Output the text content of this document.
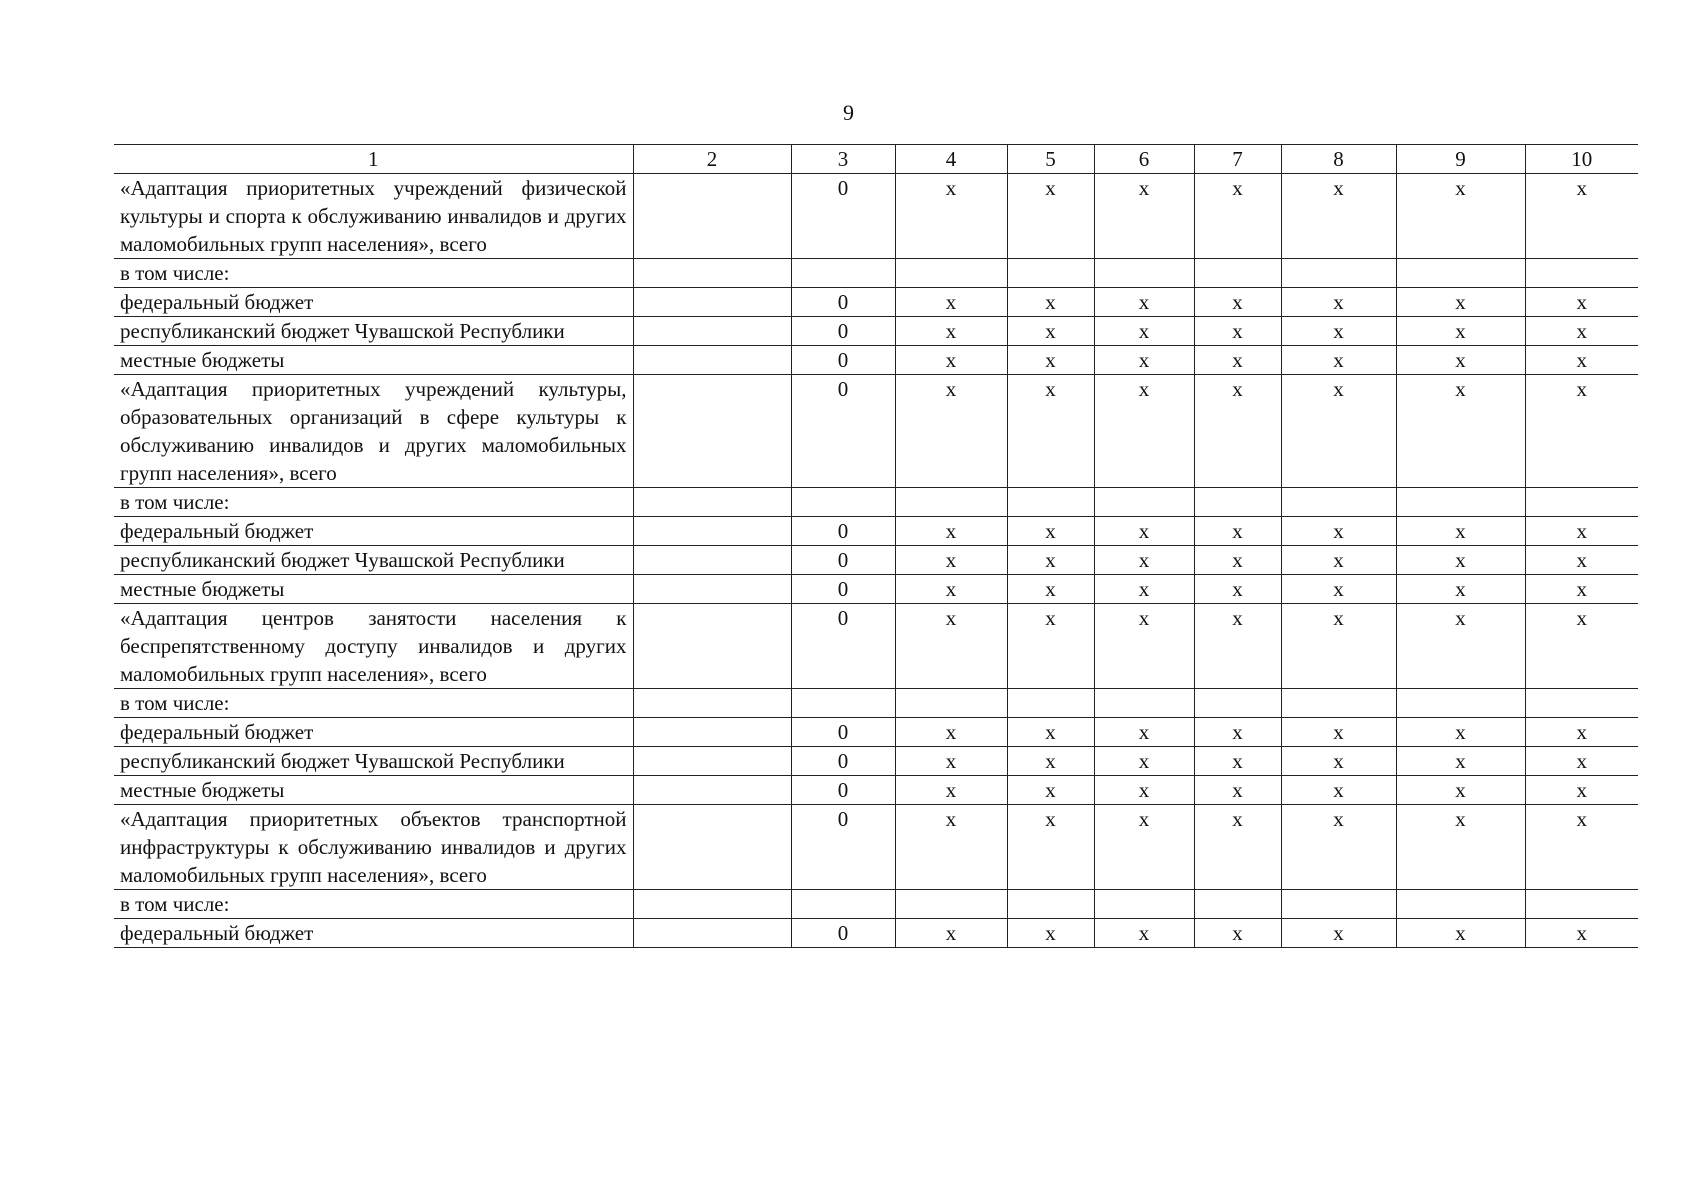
9
1	2	3	4	5	6	7	8	9	10
«Адаптация приоритетных учреждений физической культуры и спорта к обслуживанию инвалидов и других маломобильных групп населения», всего		0	х	х	х	х	х	х	х
в том числе:									
федеральный бюджет		0	х	х	х	х	х	х	х
республиканский бюджет Чувашской Республики		0	х	х	х	х	х	х	х
местные бюджеты		0	х	х	х	х	х	х	х
«Адаптация приоритетных учреждений культуры, образовательных организаций в сфере культуры к обслуживанию инвалидов и других маломобильных групп населения», всего		0	х	х	х	х	х	х	х
в том числе:									
федеральный бюджет		0	х	х	х	х	х	х	х
республиканский бюджет Чувашской Республики		0	х	х	х	х	х	х	х
местные бюджеты		0	х	х	х	х	х	х	х
«Адаптация центров занятости населения к беспрепятственному доступу инвалидов и других маломобильных групп населения», всего		0	х	х	х	х	х	х	х
в том числе:									
федеральный бюджет		0	х	х	х	х	х	х	х
республиканский бюджет Чувашской Республики		0	х	х	х	х	х	х	х
местные бюджеты		0	х	х	х	х	х	х	х
«Адаптация приоритетных объектов транспортной инфраструктуры к обслуживанию инвалидов и других маломобильных групп населения», всего		0	х	х	х	х	х	х	х
в том числе:									
федеральный бюджет		0	х	х	х	х	х	х	х
